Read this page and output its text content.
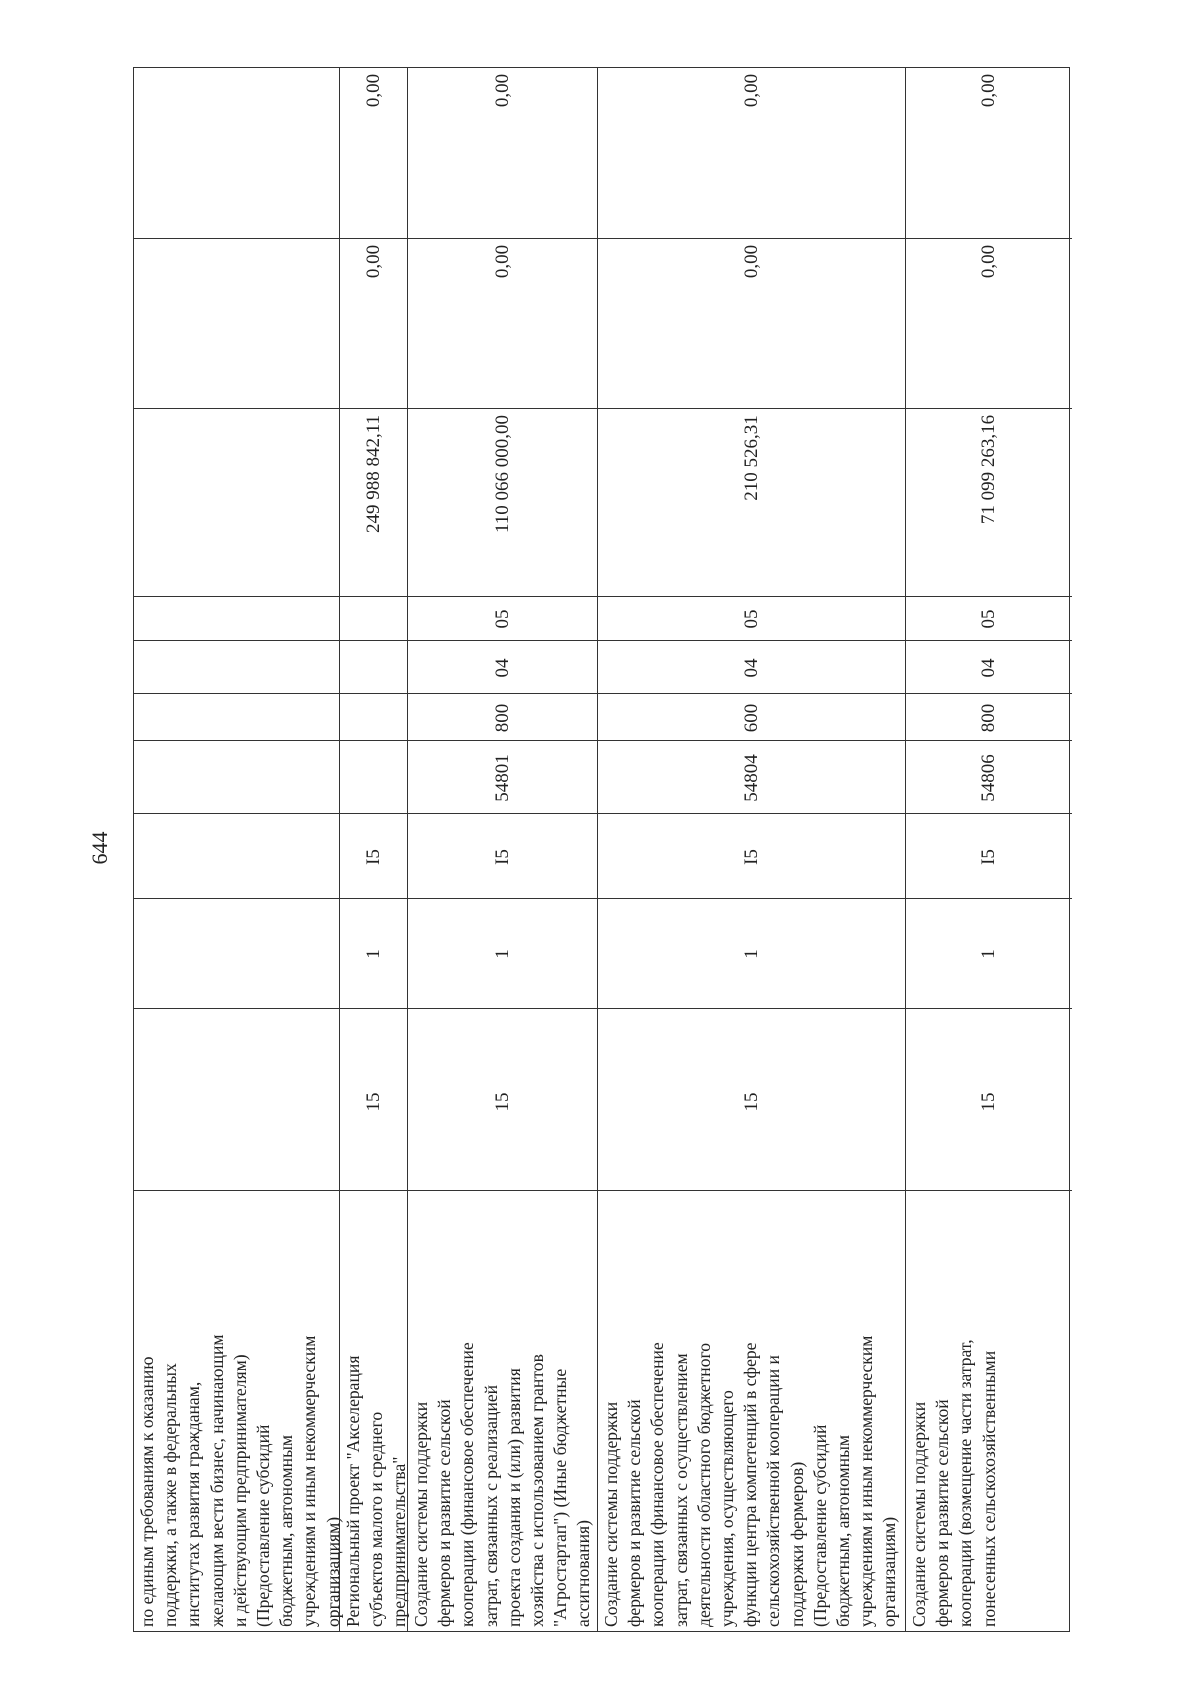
644
по единым требованиям к оказанию поддержки, а также в федеральных институтах развития гражданам, желающим вести бизнес, начинающим и действующим предпринимателям) (Предоставление субсидий бюджетным, автономным учреждениям и иным некоммерческим организациям) Региональный проект "Акселерация субъектов малого и среднего предпринимательства"
15
1
I5
249 988 842,11
0,00
0,00
Создание системы поддержки фермеров и развитие сельской кооперации (финансовое обеспечение затрат, связанных с реализацией проекта создания и (или) развития хозяйства с использованием грантов "Агростартап") (Иные бюджетные ассигнования)
15
1
I5
54801
800
04
05
110 066 000,00
0,00
0,00
Создание системы поддержки фермеров и развитие сельской кооперации (финансовое обеспечение затрат, связанных с осуществлением деятельности областного бюджетного учреждения, осуществляющего функции центра компетенций в сфере сельскохозяйственной кооперации и поддержки фермеров) (Предоставление субсидий бюджетным, автономным учреждениям и иным некоммерческим организациям)
15
1
I5
54804
600
04
05
210 526,31
0,00
0,00
Создание системы поддержки фермеров и развитие сельской кооперации (возмещение части затрат, понесенных сельскохозяйственными
15
1
I5
54806
800
04
05
71 099 263,16
0,00
0,00
